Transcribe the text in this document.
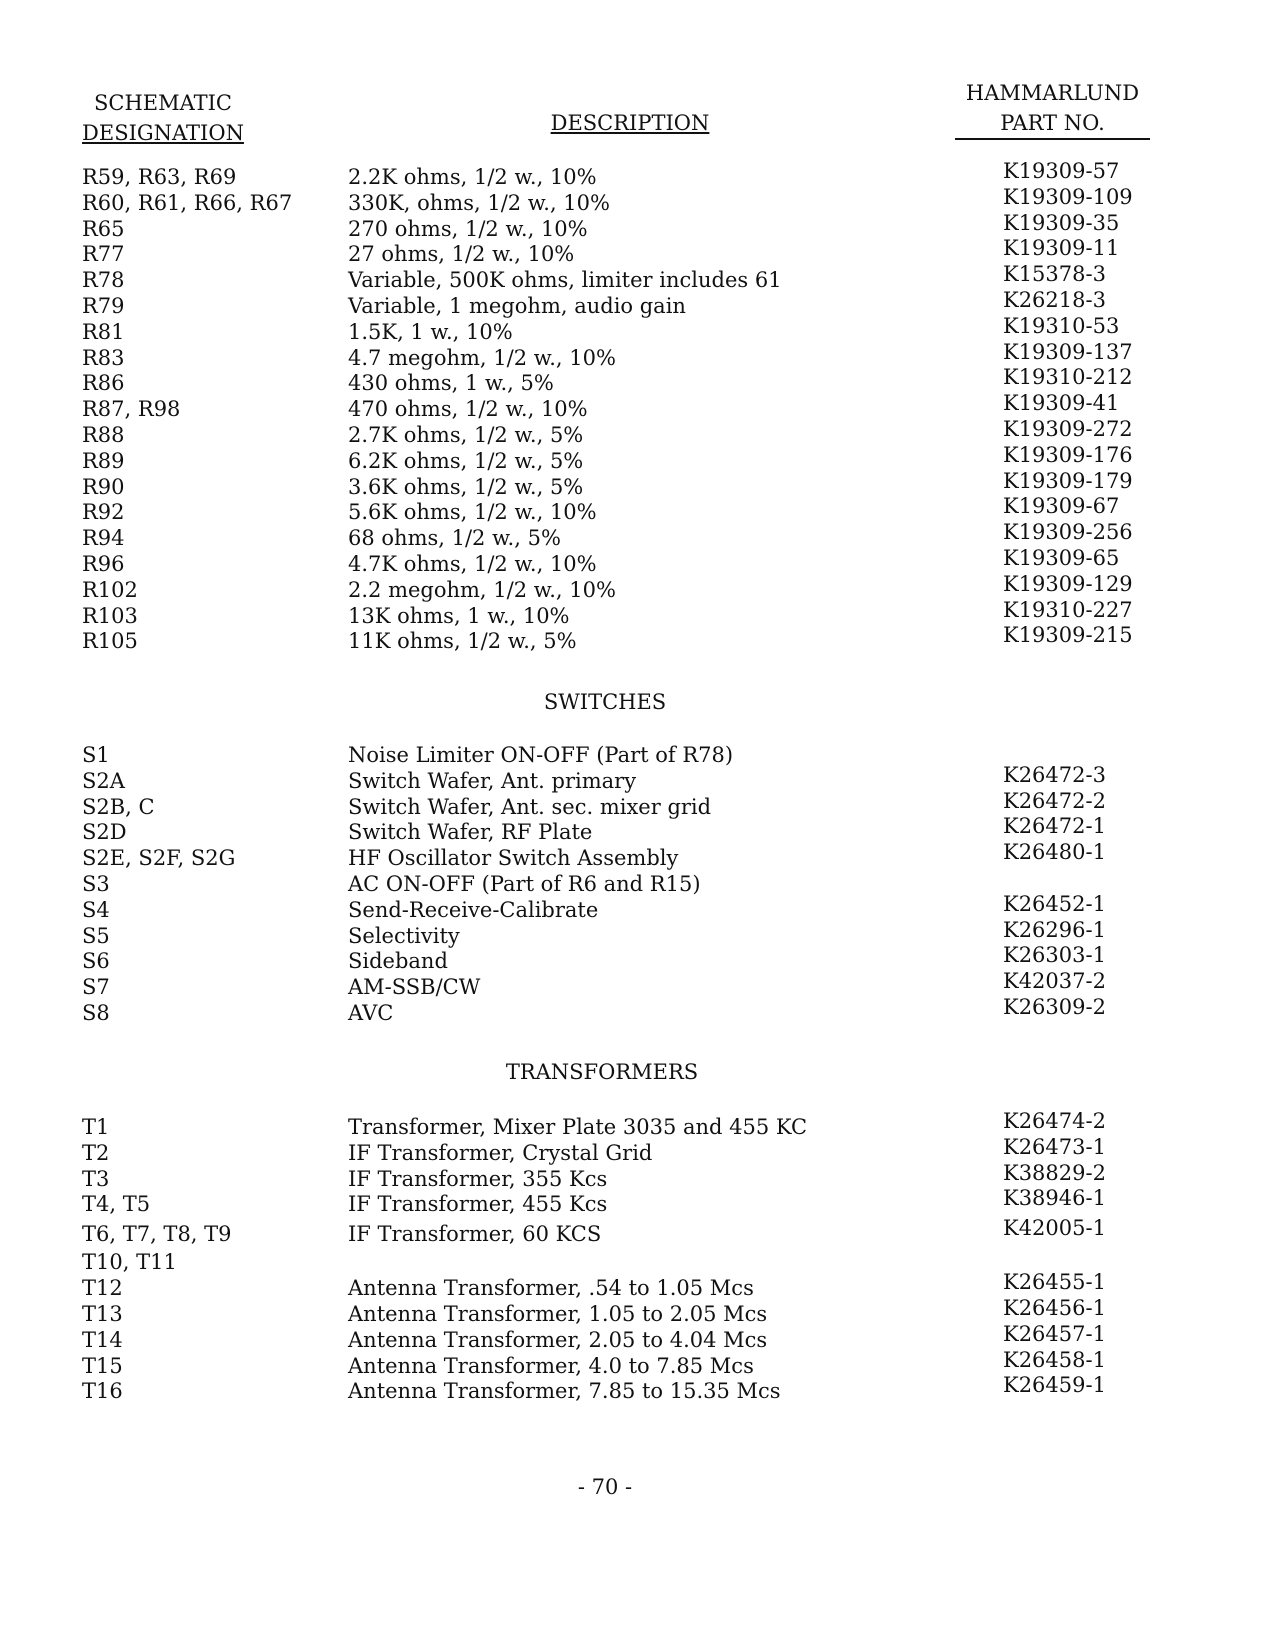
SCHEMATIC
DESIGNATION	DESCRIPTION
HAMMARLUND
PART NO.
R59, R63, R69	2.2K ohms, 1/2 w., 10%	K19309-57
R60, R61, R66, R67	330K, ohms, 1/2 w., 10%	K19309-109
R65	270 ohms, 1/2 w., 10%	K19309-35
R77	27 ohms, 1/2 w., 10%	K19309-11
R78	Variable, 500K ohms, limiter includes 61	K15378-3
R79	Variable, 1 megohm, audio gain	K26218-3
R81	1.5K, 1 w., 10%	K19310-53
R83	4.7 megohm, 1/2 w., 10%	K19309-137
R86	430 ohms, 1 w., 5%	K19310-212
R87, R98	470 ohms, 1/2 w., 10%	K19309-41
R88	2.7K ohms, 1/2 w., 5%	K19309-272
R89	6.2K ohms, 1/2 w., 5%	K19309-176
R90	3.6K ohms, 1/2 w., 5%	K19309-179
R92	5.6K ohms, 1/2 w., 10%	K19309-67
R94	68 ohms, 1/2 w., 5%	K19309-256
R96	4.7K ohms, 1/2 w., 10%	K19309-65
R102	2.2 megohm, 1/2 w., 10%	K19309-129
R103	13K ohms, 1 w., 10%	K19310-227
R105	11K ohms, 1/2 w., 5%	K19309-215
SWITCHES
S1	Noise Limiter ON-OFF (Part of R78)
S2A	Switch Wafer, Ant. primary	K26472-3
S2B, C	Switch Wafer, Ant. sec. mixer grid	K26472-2
S2D	Switch Wafer, RF Plate	K26472-1
S2E, S2F, S2G	HF Oscillator Switch Assembly	K26480-1
S3	AC ON-OFF (Part of R6 and R15)
S4	Send-Receive-Calibrate	K26452-1
S5	Selectivity	K26296-1
S6	Sideband	K26303-1
S7	AM-SSB/CW	K42037-2
S8	AVC	K26309-2
TRANSFORMERS
T1	Transformer, Mixer Plate 3035 and 455 KC	K26474-2
T2	IF Transformer, Crystal Grid	K26473-1
T3	IF Transformer, 355 Kcs	K38829-2
T4, T5	IF Transformer, 455 Kcs	K38946-1
T6, T7, T8, T9	IF Transformer, 60 KCS	K42005-1
T10, T11
T12	Antenna Transformer, .54 to 1.05 Mcs	K26455-1
T13	Antenna Transformer, 1.05 to 2.05 Mcs	K26456-1
T14	Antenna Transformer, 2.05 to 4.04 Mcs	K26457-1
T15	Antenna Transformer, 4.0 to 7.85 Mcs	K26458-1
T16	Antenna Transformer, 7.85 to 15.35 Mcs	K26459-1
- 70 -
